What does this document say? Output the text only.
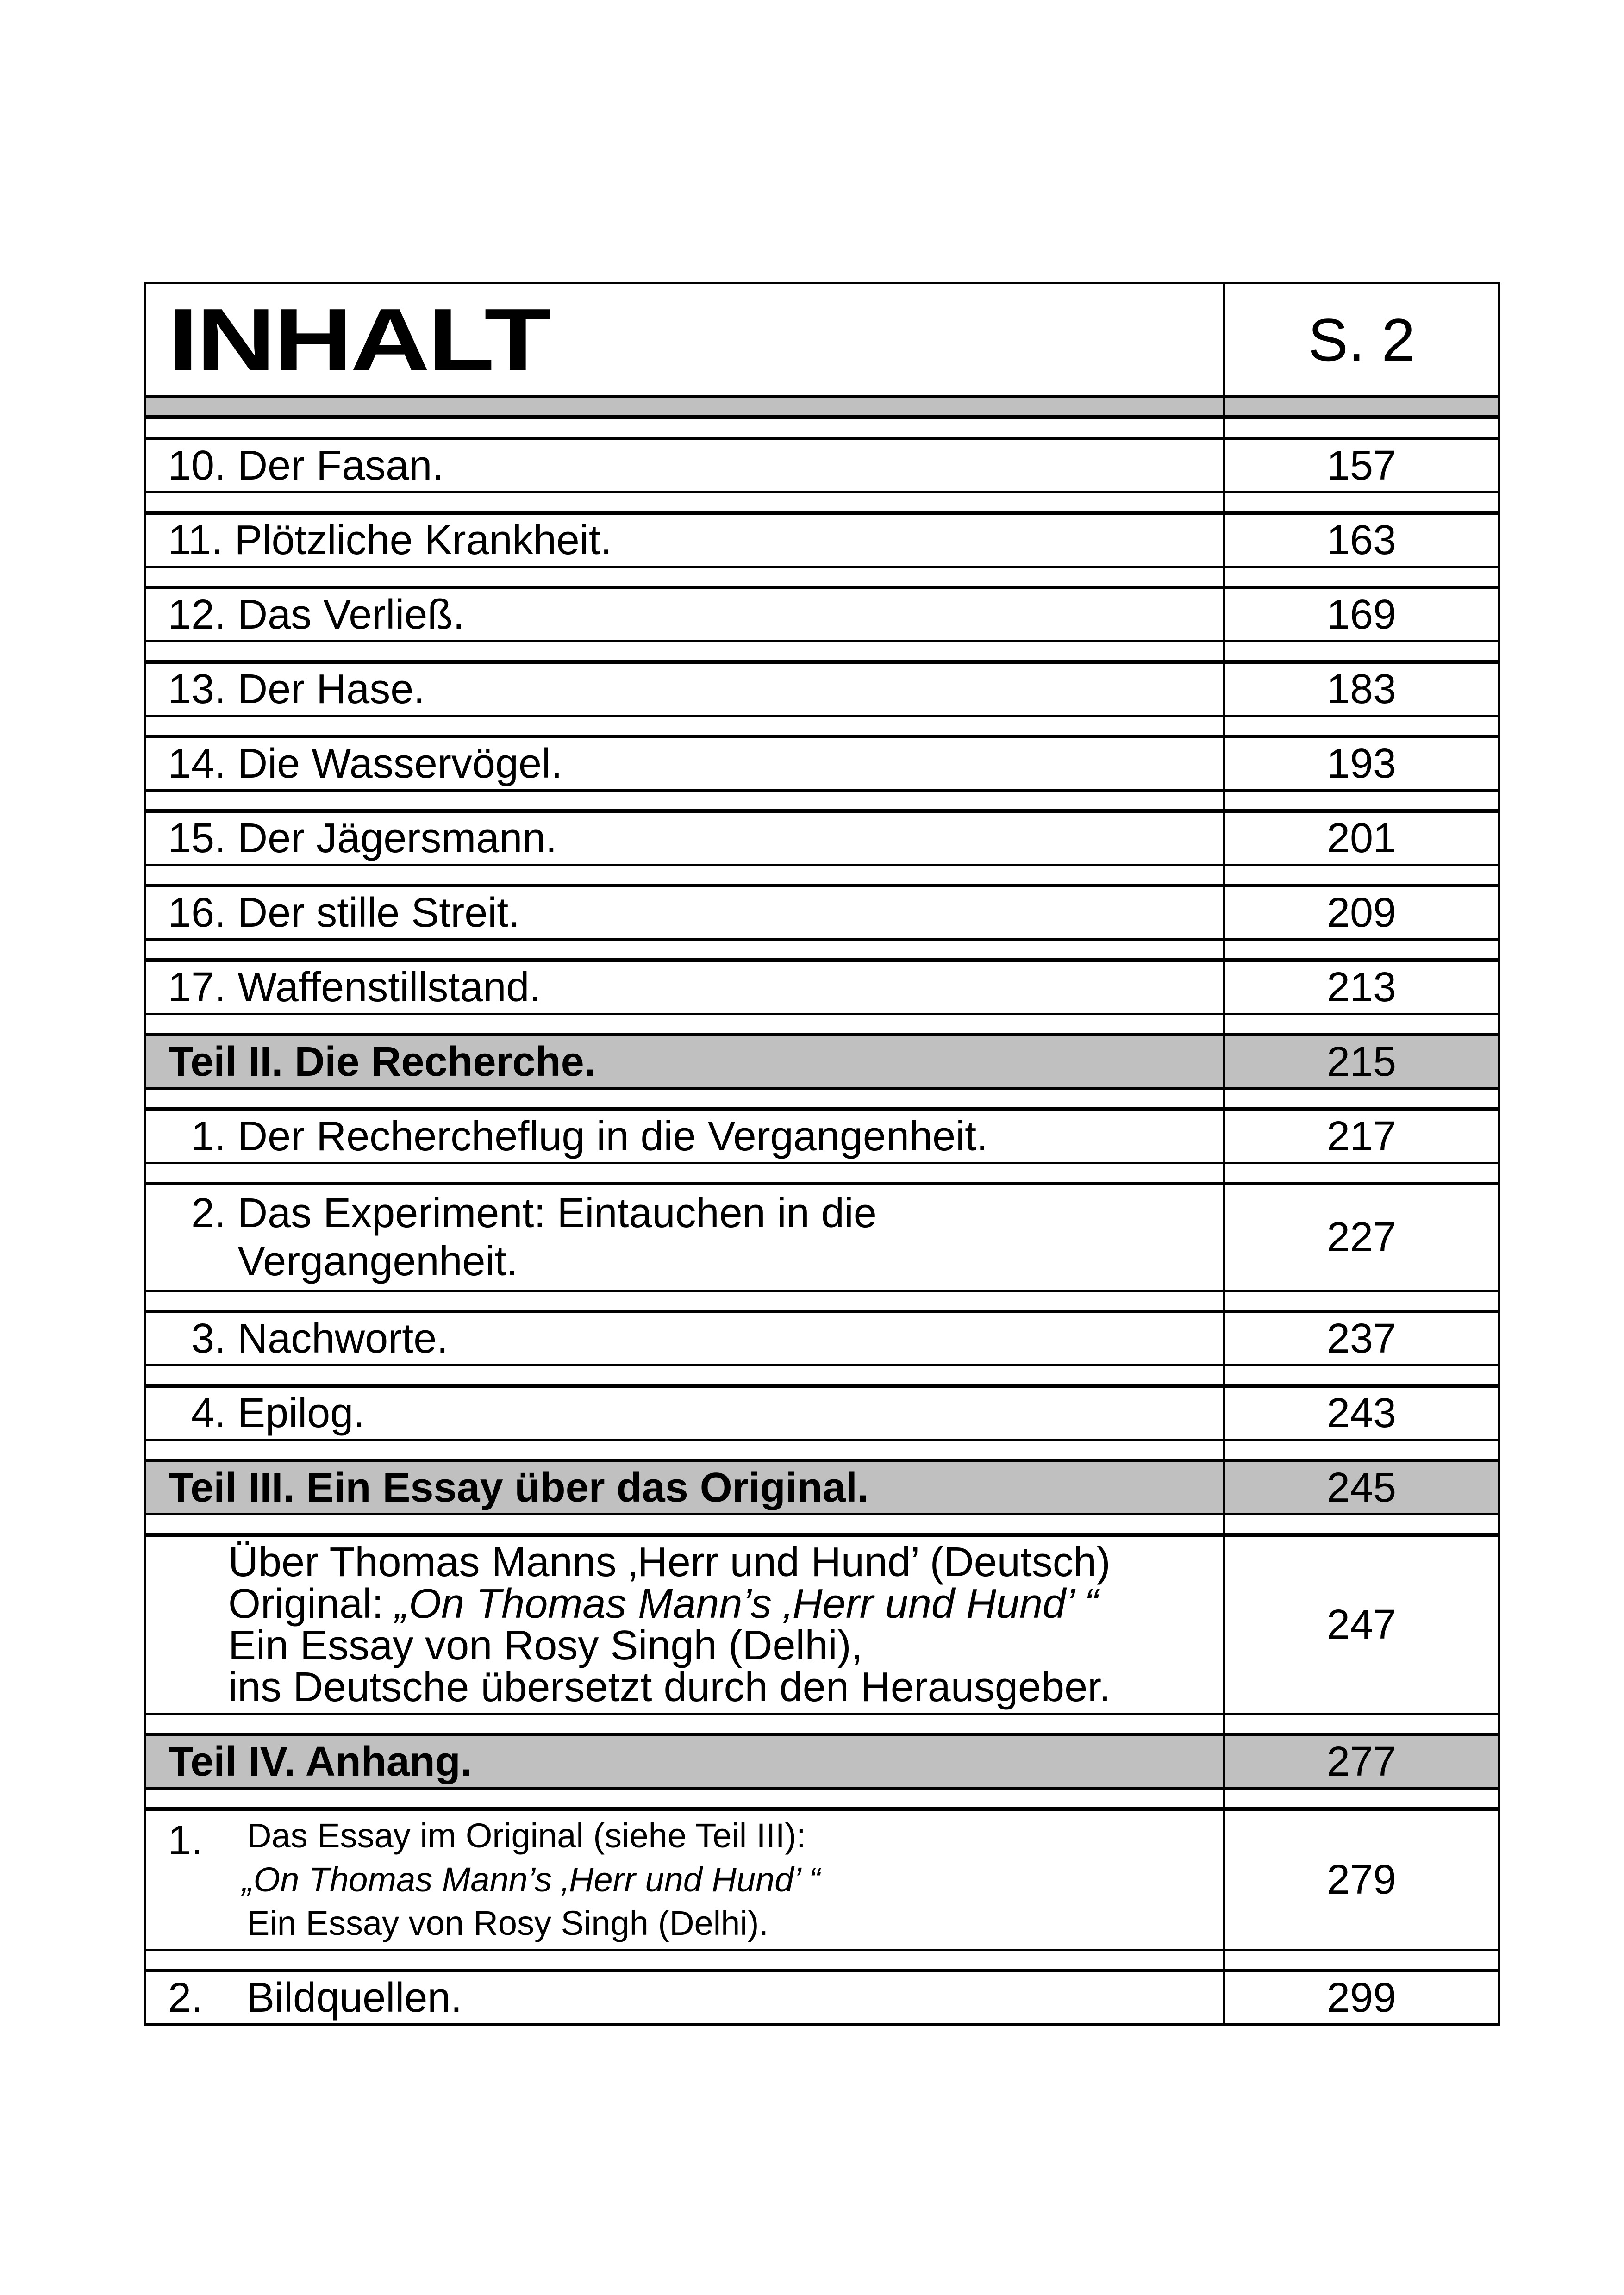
INHALT	S. 2

10. Der Fasan.	157

11. Plötzliche Krankheit.	163

12. Das Verließ.	169

13. Der Hase.	183

14. Die Wasservögel.	193

15. Der Jägersmann.	201

16. Der stille Streit.	209

17. Waffenstillstand.	213

Teil II. Die Recherche.	215

1. Der Rechercheflug in die Vergangenheit.	217

2. Das Experiment: Eintauchen in die Vergangenheit.	227

3. Nachworte.	237

4. Epilog.	243

Teil III. Ein Essay über das Original.	245

Über Thomas Manns ‚Herr und Hund’ (Deutsch)
Original: „On Thomas Mann’s ‚Herr und Hund’ “
Ein Essay von Rosy Singh (Delhi),
ins Deutsche übersetzt durch den Herausgeber.	247

Teil IV. Anhang.	277

1. Das Essay im Original (siehe Teil III):
„On Thomas Mann’s ‚Herr und Hund’ “
Ein Essay von Rosy Singh (Delhi).	279

2. Bildquellen.	299
